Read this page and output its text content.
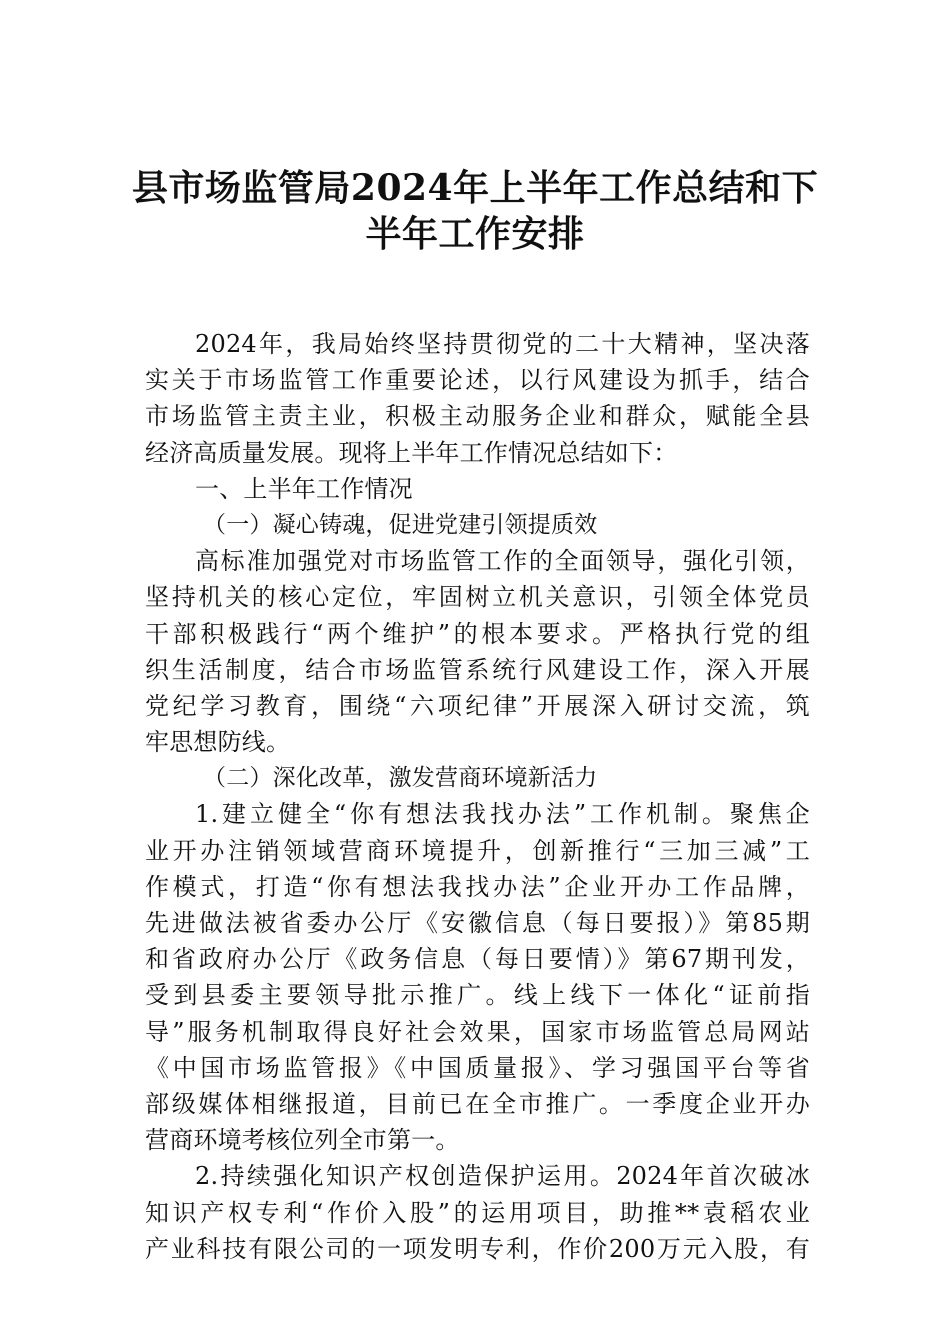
县市场监管局2024年上半年工作总结和下
半年工作安排
2024年，我局始终坚持贯彻党的二十大精神，坚决落
实关于市场监管工作重要论述，以行风建设为抓手，结合
市场监管主责主业，积极主动服务企业和群众，赋能全县
经济高质量发展。现将上半年工作情况总结如下：
一、上半年工作情况
（一）凝心铸魂，促进党建引领提质效
高标准加强党对市场监管工作的全面领导，强化引领，
坚持机关的核心定位，牢固树立机关意识，引领全体党员
干部积极践行“两个维护”的根本要求。严格执行党的组
织生活制度，结合市场监管系统行风建设工作，深入开展
党纪学习教育，围绕“六项纪律”开展深入研讨交流，筑
牢思想防线。
（二）深化改革，激发营商环境新活力
1.建立健全“你有想法我找办法”工作机制。聚焦企
业开办注销领域营商环境提升，创新推行“三加三减”工
作模式，打造“你有想法我找办法”企业开办工作品牌，
先进做法被省委办公厅《安徽信息（每日要报）》第85期
和省政府办公厅《政务信息（每日要情）》第67期刊发，
受到县委主要领导批示推广。线上线下一体化“证前指
导”服务机制取得良好社会效果，国家市场监管总局网站
《中国市场监管报》《中国质量报》、学习强国平台等省
部级媒体相继报道，目前已在全市推广。一季度企业开办
营商环境考核位列全市第一。
2.持续强化知识产权创造保护运用。2024年首次破冰
知识产权专利“作价入股”的运用项目，助推**袁稻农业
产业科技有限公司的一项发明专利，作价200万元入股，有
